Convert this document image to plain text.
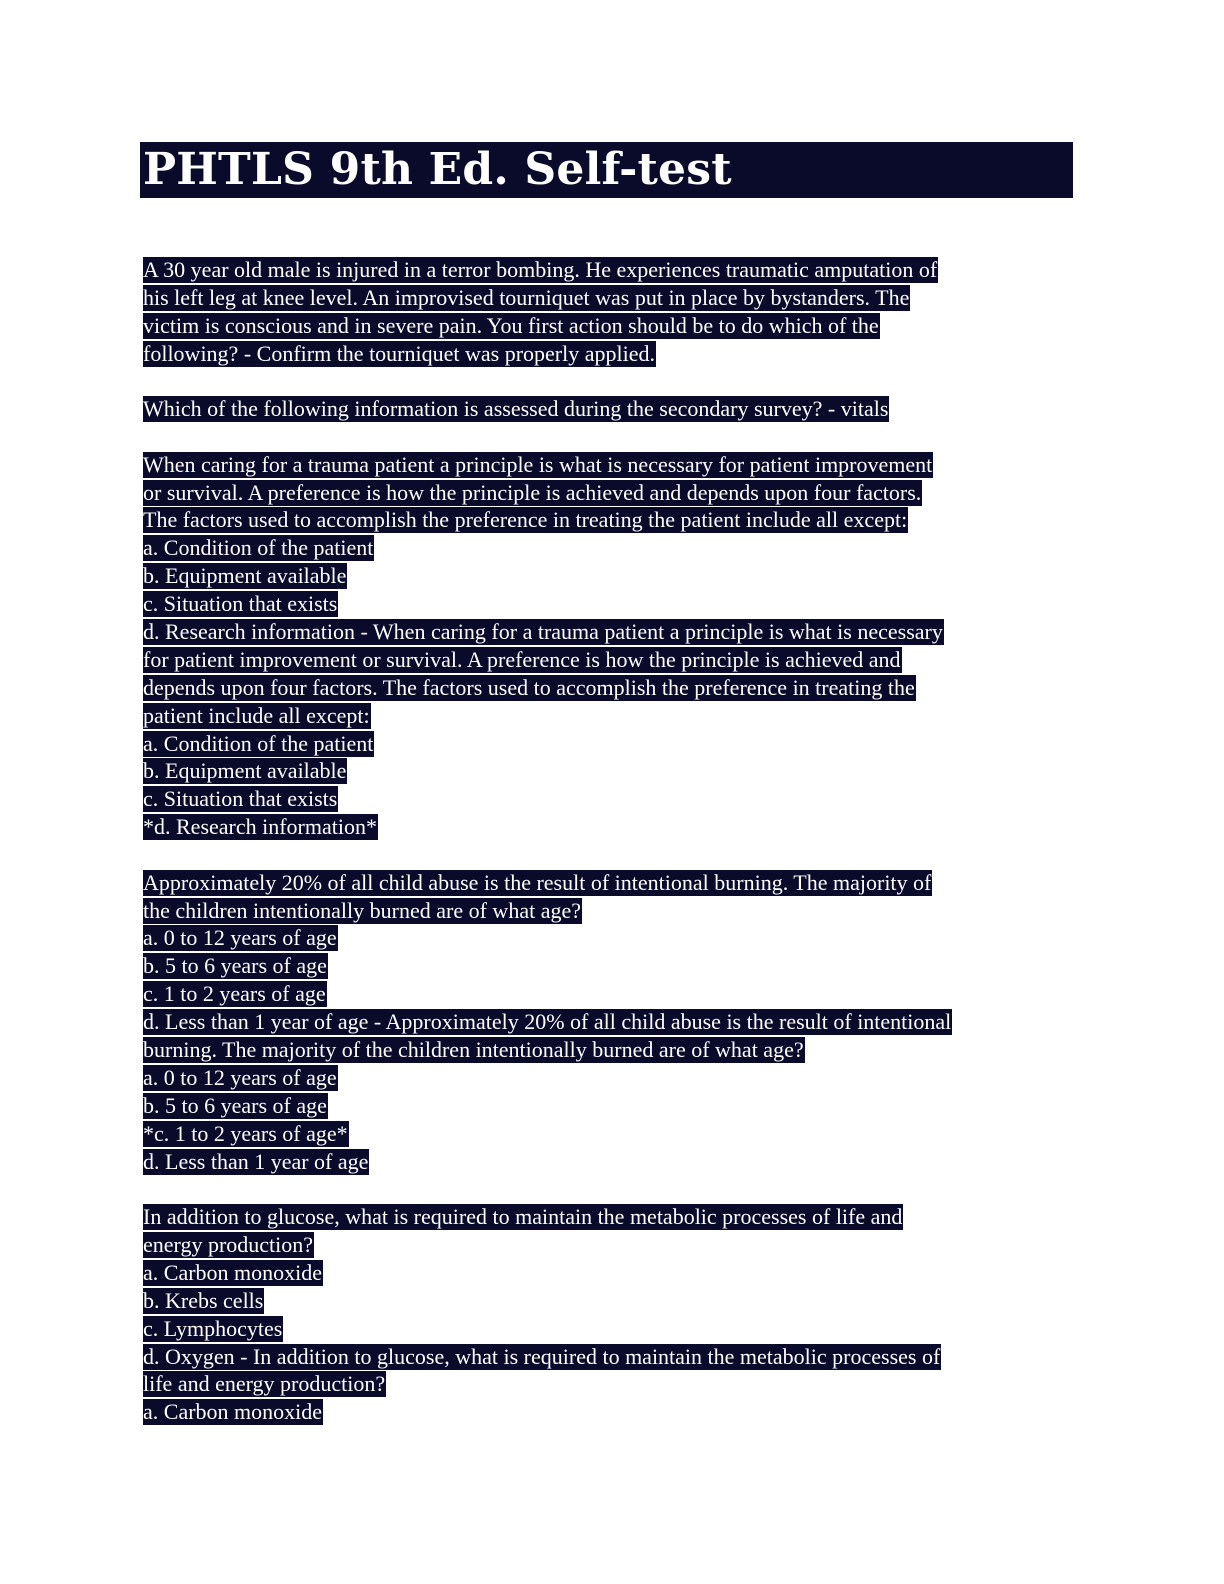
PHTLS 9th Ed. Self-test
A 30 year old male is injured in a terror bombing. He experiences traumatic amputation of
his left leg at knee level. An improvised tourniquet was put in place by bystanders. The
victim is conscious and in severe pain. You first action should be to do which of the
following? - Confirm the tourniquet was properly applied.
Which of the following information is assessed during the secondary survey? - vitals
When caring for a trauma patient a principle is what is necessary for patient improvement
or survival. A preference is how the principle is achieved and depends upon four factors.
The factors used to accomplish the preference in treating the patient include all except:
a. Condition of the patient
b. Equipment available
c. Situation that exists
d. Research information - When caring for a trauma patient a principle is what is necessary
for patient improvement or survival. A preference is how the principle is achieved and
depends upon four factors. The factors used to accomplish the preference in treating the
patient include all except:
a. Condition of the patient
b. Equipment available
c. Situation that exists
*d. Research information*
Approximately 20% of all child abuse is the result of intentional burning. The majority of
the children intentionally burned are of what age?
a. 0 to 12 years of age
b. 5 to 6 years of age
c. 1 to 2 years of age
d. Less than 1 year of age - Approximately 20% of all child abuse is the result of intentional
burning. The majority of the children intentionally burned are of what age?
a. 0 to 12 years of age
b. 5 to 6 years of age
*c. 1 to 2 years of age*
d. Less than 1 year of age
In addition to glucose, what is required to maintain the metabolic processes of life and
energy production?
a. Carbon monoxide
b. Krebs cells
c. Lymphocytes
d. Oxygen - In addition to glucose, what is required to maintain the metabolic processes of
life and energy production?
a. Carbon monoxide
